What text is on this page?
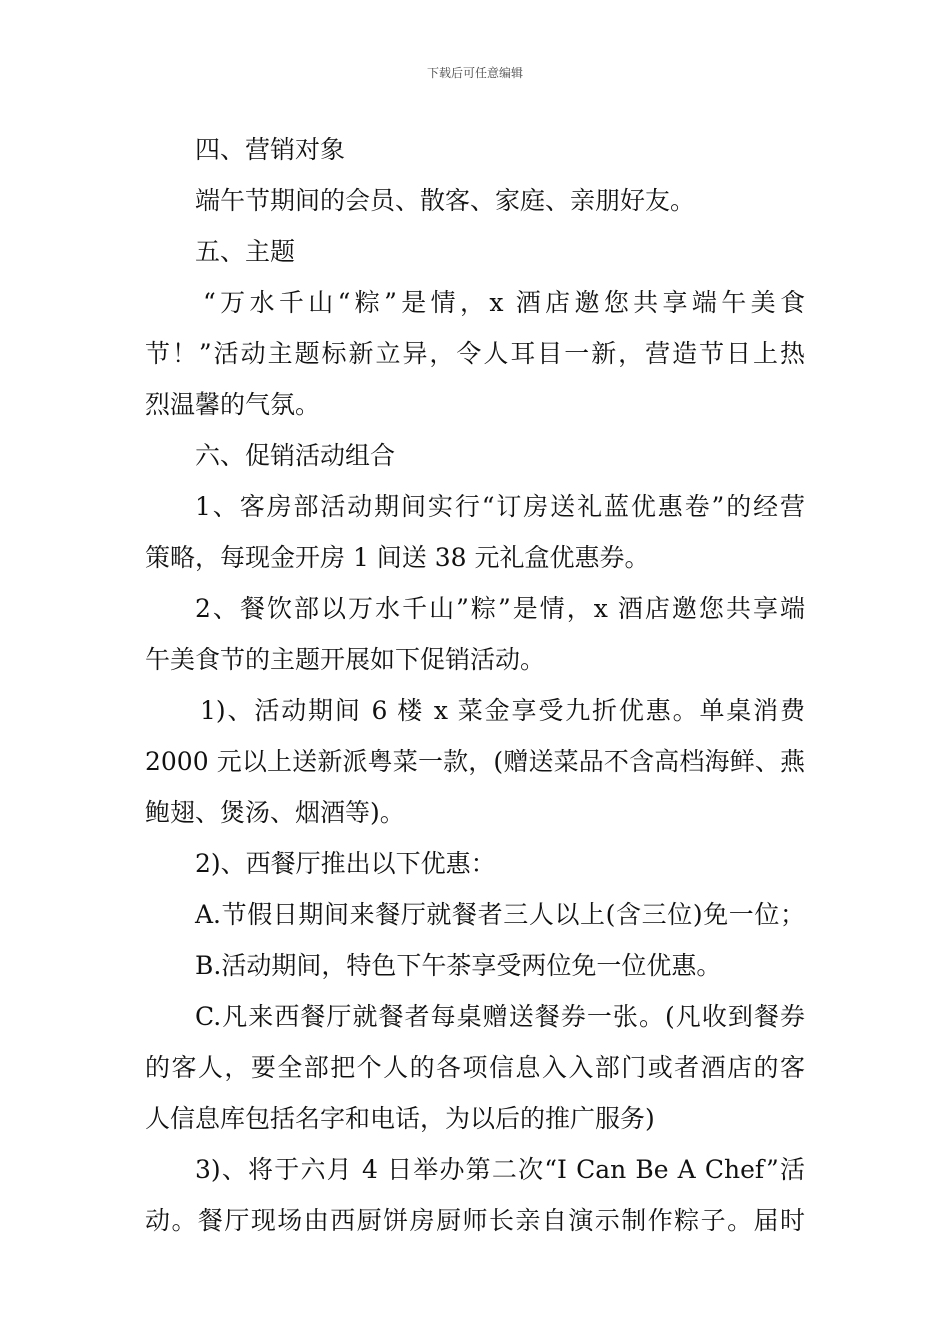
下载后可任意编辑
四、营销对象
端午节期间的会员、散客、家庭、亲朋好友。
五、主题
“万水千山“粽”是情，x 酒店邀您共享端午美食
节！”活动主题标新立异，令人耳目一新，营造节日上热
烈温馨的气氛。
六、促销活动组合
1、客房部活动期间实行“订房送礼蓝优惠卷”的经营
策略，每现金开房 1 间送 38 元礼盒优惠券。
2、餐饮部以万水千山”粽”是情，x 酒店邀您共享端
午美食节的主题开展如下促销活动。
1)、活动期间 6 楼 x 菜金享受九折优惠。单桌消费
2000 元以上送新派粤菜一款，(赠送菜品不含高档海鲜、燕
鲍翅、煲汤、烟酒等)。
2)、西餐厅推出以下优惠：
A.节假日期间来餐厅就餐者三人以上(含三位)免一位；
B.活动期间，特色下午茶享受两位免一位优惠。
C.凡来西餐厅就餐者每桌赠送餐券一张。(凡收到餐券
的客人，要全部把个人的各项信息入入部门或者酒店的客
人信息库包括名字和电话，为以后的推广服务)
3)、将于六月 4 日举办第二次“I Can Be A Chef”活
动。餐厅现场由西厨饼房厨师长亲自演示制作粽子。届时
